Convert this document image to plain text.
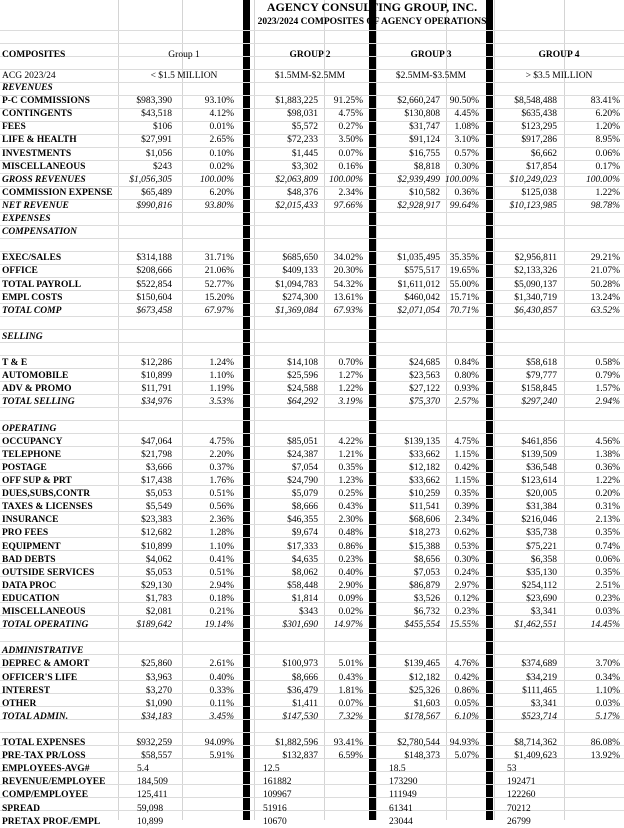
AGENCY CONSULTING GROUP, INC.
2023/2024 COMPOSITES OF AGENCY OPERATIONS
COMPOSITES	Group 1	GROUP 2	GROUP 3	GROUP 4
ACG 2023/24	< $1.5 MILLION	$1.5MM-$2.5MM	$2.5MM-$3.5MM	> $3.5 MILLION
REVENUES
P-C COMMISSIONS	$983,390	93.10%	$1,883,225 91.25%	$2,660,247 90.50%	$8,548,488	83.41%
CONTINGENTS	$43,518	4.12%	$98,031 4.75%	$130,808 4.45%	$635,438	6.20%
FEES	$106	0.01%	$5,572 0.27%	$31,747 1.08%	$123,295	1.20%
LIFE & HEALTH	$27,991	2.65%	$72,233 3.50%	$91,124 3.10%	$917,286	8.95%
INVESTMENTS	$1,056	0.10%	$1,445 0.07%	$16,755 0.57%	$6,662	0.06%
MISCELLANEOUS	$243	0.02%	$3,302 0.16%	$8,818 0.30%	$17,854	0.17%
GROSS REVENUES	$1,056,305	100.00%	$2,063,809 100.00%	$2,939,499 100.00%	$10,249,023	100.00%
COMMISSION EXPENSE	$65,489	6.20%	$48,376 2.34%	$10,582 0.36%	$125,038	1.22%
NET REVENUE	$990,816	93.80%	$2,015,433 97.66%	$2,928,917 99.64%	$10,123,985	98.78%
EXPENSES
COMPENSATION
EXEC/SALES	$314,188	31.71%	$685,650 34.02%	$1,035,495 35.35%	$2,956,811	29.21%
OFFICE	$208,666	21.06%	$409,133 20.30%	$575,517 19.65%	$2,133,326	21.07%
TOTAL PAYROLL	$522,854	52.77%	$1,094,783 54.32%	$1,611,012 55.00%	$5,090,137	50.28%
EMPL COSTS	$150,604	15.20%	$274,300 13.61%	$460,042 15.71%	$1,340,719	13.24%
TOTAL COMP	$673,458	67.97%	$1,369,084 67.93%	$2,071,054 70.71%	$6,430,857	63.52%
SELLING
T & E	$12,286	1.24%	$14,108 0.70%	$24,685 0.84%	$58,618	0.58%
AUTOMOBILE	$10,899	1.10%	$25,596 1.27%	$23,563 0.80%	$79,777	0.79%
ADV & PROMO	$11,791	1.19%	$24,588 1.22%	$27,122 0.93%	$158,845	1.57%
TOTAL SELLING	$34,976	3.53%	$64,292 3.19%	$75,370 2.57%	$297,240	2.94%
OPERATING
OCCUPANCY	$47,064	4.75%	$85,051 4.22%	$139,135 4.75%	$461,856	4.56%
TELEPHONE	$21,798	2.20%	$24,387 1.21%	$33,662 1.15%	$139,509	1.38%
POSTAGE	$3,666	0.37%	$7,054 0.35%	$12,182 0.42%	$36,548	0.36%
OFF SUP & PRT	$17,438	1.76%	$24,790 1.23%	$33,662 1.15%	$123,614	1.22%
DUES,SUBS,CONTR	$5,053	0.51%	$5,079 0.25%	$10,259 0.35%	$20,005	0.20%
TAXES & LICENSES	$5,549	0.56%	$8,666 0.43%	$11,541 0.39%	$31,384	0.31%
INSURANCE	$23,383	2.36%	$46,355 2.30%	$68,606 2.34%	$216,046	2.13%
PRO FEES	$12,682	1.28%	$9,674 0.48%	$18,273 0.62%	$35,738	0.35%
EQUIPMENT	$10,899	1.10%	$17,333 0.86%	$15,388 0.53%	$75,221	0.74%
BAD DEBTS	$4,062	0.41%	$4,635 0.23%	$8,656 0.30%	$6,358	0.06%
OUTSIDE SERVICES	$5,053	0.51%	$8,062 0.40%	$7,053 0.24%	$35,130	0.35%
DATA PROC	$29,130	2.94%	$58,448 2.90%	$86,879 2.97%	$254,112	2.51%
EDUCATION	$1,783	0.18%	$1,814 0.09%	$3,526 0.12%	$23,690	0.23%
MISCELLANEOUS	$2,081	0.21%	$343 0.02%	$6,732 0.23%	$3,341	0.03%
TOTAL OPERATING	$189,642	19.14%	$301,690 14.97%	$455,554 15.55%	$1,462,551	14.45%
ADMINISTRATIVE
DEPREC & AMORT	$25,860	2.61%	$100,973 5.01%	$139,465 4.76%	$374,689	3.70%
OFFICER'S LIFE	$3,963	0.40%	$8,666 0.43%	$12,182 0.42%	$34,219	0.34%
INTEREST	$3,270	0.33%	$36,479 1.81%	$25,326 0.86%	$111,465	1.10%
OTHER	$1,090	0.11%	$1,411 0.07%	$1,603 0.05%	$3,341	0.03%
TOTAL ADMIN.	$34,183	3.45%	$147,530 7.32%	$178,567 6.10%	$523,714	5.17%
TOTAL EXPENSES	$932,259	94.09%	$1,882,596 93.41%	$2,780,544 94.93%	$8,714,362	86.08%
PRE-TAX PR/LOSS	$58,557	5.91%	$132,837 6.59%	$148,373 5.07%	$1,409,623	13.92%
EMPLOYEES-AVG#	5.4	12.5	18.5	53
REVENUE/EMPLOYEE	184,509	161882	173290	192471
COMP/EMPLOYEE	125,411	109967	111949	122260
SPREAD	59,098	51916	61341	70212
PRETAX PROF./EMPL	10,899	10670	23044	26799
